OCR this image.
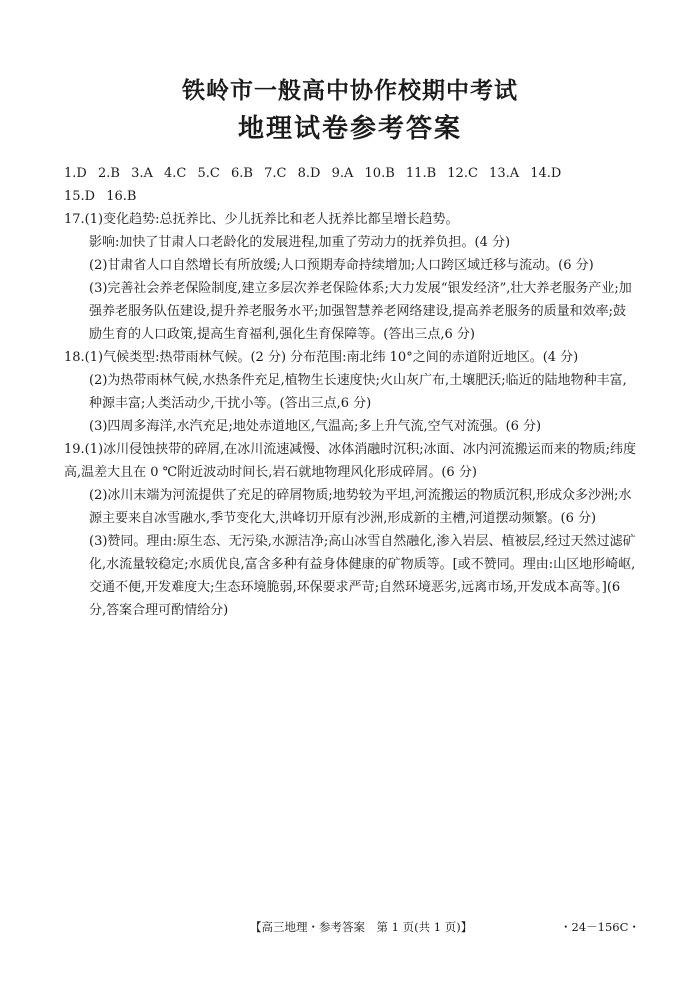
铁岭市一般高中协作校期中考试
地理试卷参考答案
1.D 2.B 3.A 4.C 5.C 6.B 7.C 8.D 9.A 10.B 11.B 12.C 13.A 14.D
15.D 16.B
17.(1)变化趋势:总抚养比、少儿抚养比和老人抚养比都呈增长趋势。
影响:加快了甘肃人口老龄化的发展进程,加重了劳动力的抚养负担。(4 分)
(2)甘肃省人口自然增长有所放缓;人口预期寿命持续增加;人口跨区域迁移与流动。(6 分)
(3)完善社会养老保险制度,建立多层次养老保险体系;大力发展“银发经济”,壮大养老服务产业;加强养老服务队伍建设,提升养老服务水平;加强智慧养老网络建设,提高养老服务的质量和效率;鼓励生育的人口政策,提高生育福利,强化生育保障等。(答出三点,6 分)
18.(1)气候类型:热带雨林气候。(2 分) 分布范围:南北纬 10°之间的赤道附近地区。(4 分)
(2)为热带雨林气候,水热条件充足,植物生长速度快;火山灰广布,土壤肥沃;临近的陆地物种丰富,种源丰富;人类活动少,干扰小等。(答出三点,6 分)
(3)四周多海洋,水汽充足;地处赤道地区,气温高;多上升气流,空气对流强。(6 分)
19.(1)冰川侵蚀挟带的碎屑,在冰川流速减慢、冰体消融时沉积;冰面、冰内河流搬运而来的物质;纬度高,温差大且在 0 ℃附近波动时间长,岩石就地物理风化形成碎屑。(6 分)
(2)冰川末端为河流提供了充足的碎屑物质;地势较为平坦,河流搬运的物质沉积,形成众多沙洲;水源主要来自冰雪融水,季节变化大,洪峰切开原有沙洲,形成新的主槽,河道摆动频繁。(6 分)
(3)赞同。理由:原生态、无污染,水源洁净;高山冰雪自然融化,渗入岩层、植被层,经过天然过滤矿化,水流量较稳定;水质优良,富含多种有益身体健康的矿物质等。[或不赞同。理由:山区地形崎岖,交通不便,开发难度大;生态环境脆弱,环保要求严苛;自然环境恶劣,远离市场,开发成本高等。](6 分,答案合理可酌情给分)
【高三地理・参考答案　第 1 页(共 1 页)】	・24－156C・
